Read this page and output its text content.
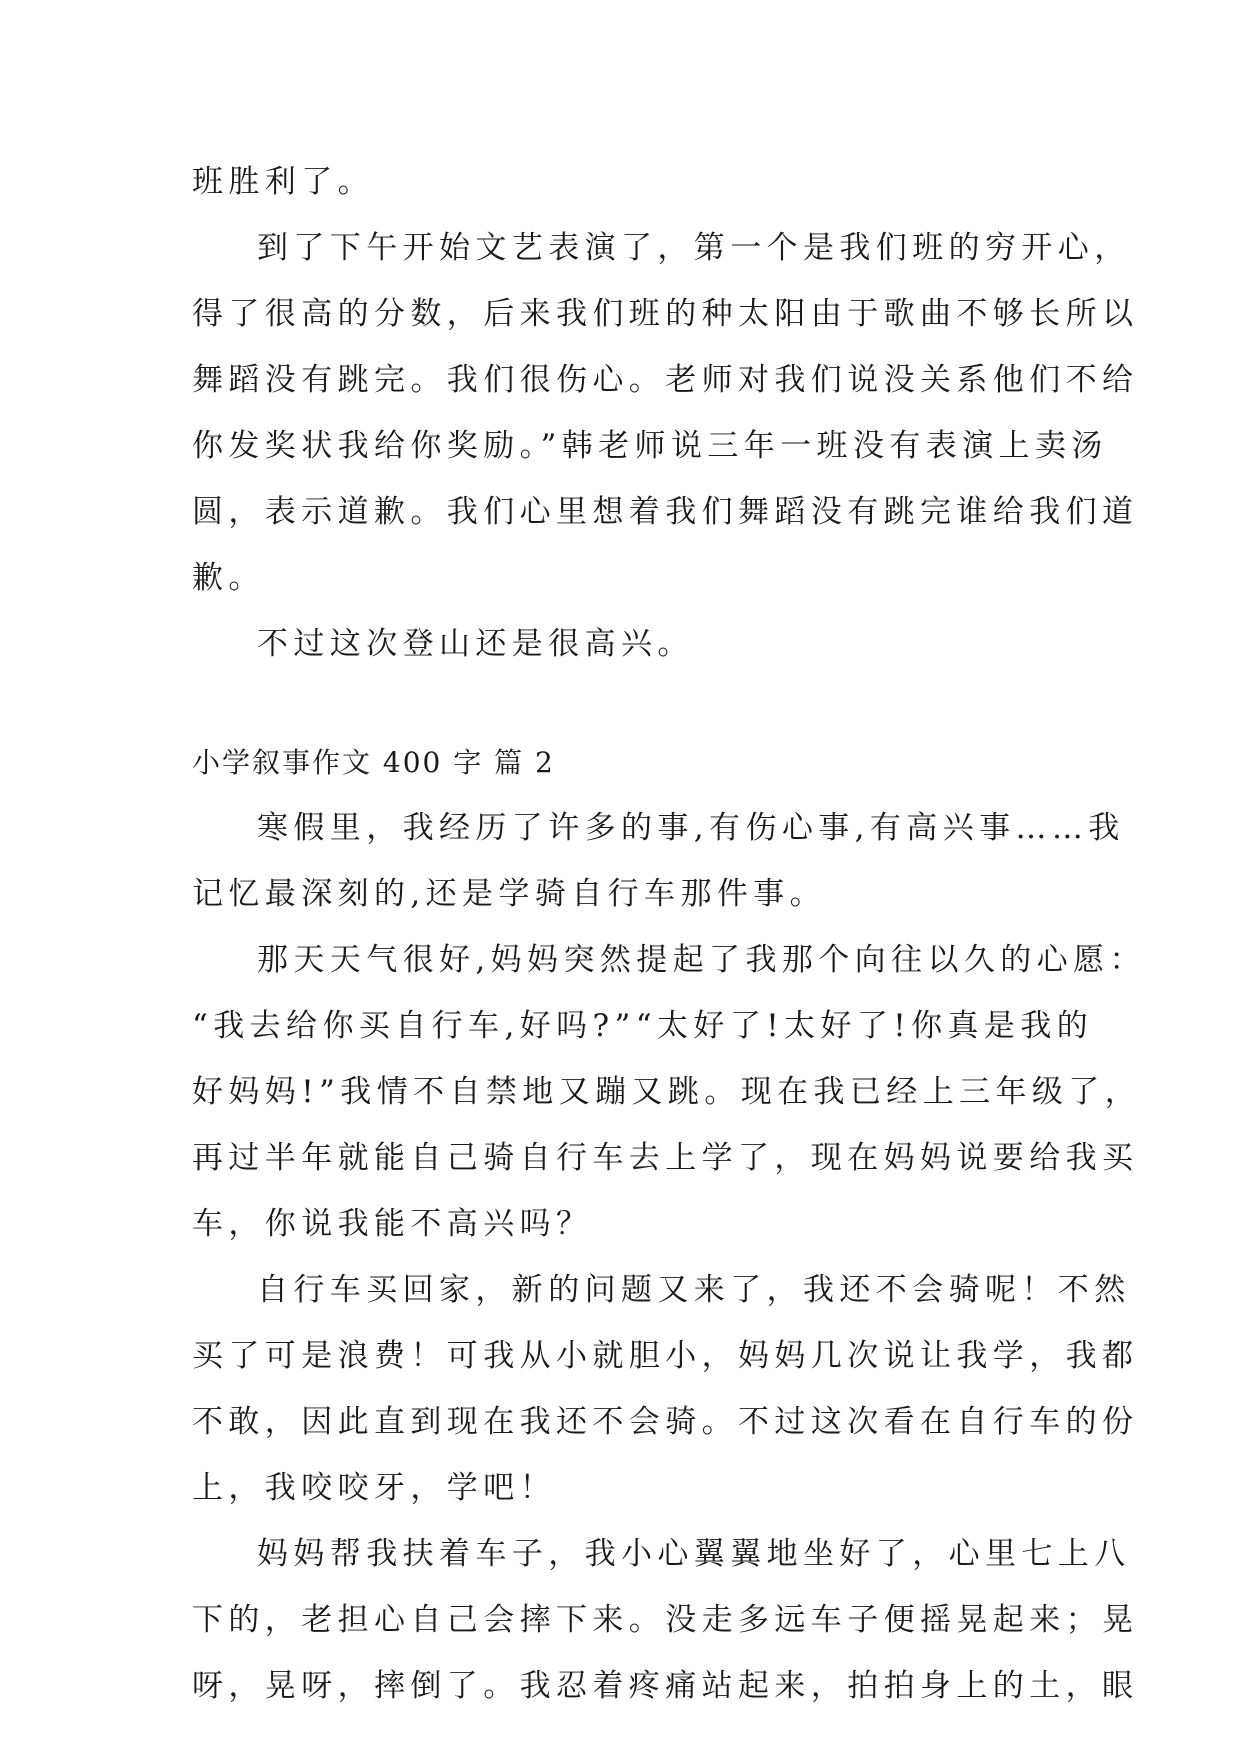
班胜利了。
到了下午开始文艺表演了，第一个是我们班的穷开心，
得了很高的分数，后来我们班的种太阳由于歌曲不够长所以
舞蹈没有跳完。我们很伤心。老师对我们说没关系他们不给
你发奖状我给你奖励。”韩老师说三年一班没有表演上卖汤
圆，表示道歉。我们心里想着我们舞蹈没有跳完谁给我们道
歉。
不过这次登山还是很高兴。
小学叙事作文 400 字 篇 2
寒假里，我经历了许多的事,有伤心事,有高兴事……我
记忆最深刻的,还是学骑自行车那件事。
那天天气很好,妈妈突然提起了我那个向往以久的心愿：
“我去给你买自行车,好吗?”“太好了!太好了!你真是我的
好妈妈!”我情不自禁地又蹦又跳。现在我已经上三年级了，
再过半年就能自己骑自行车去上学了，现在妈妈说要给我买
车，你说我能不高兴吗？
自行车买回家，新的问题又来了，我还不会骑呢！不然
买了可是浪费！可我从小就胆小，妈妈几次说让我学，我都
不敢，因此直到现在我还不会骑。不过这次看在自行车的份
上，我咬咬牙，学吧！
妈妈帮我扶着车子，我小心翼翼地坐好了，心里七上八
下的，老担心自己会摔下来。没走多远车子便摇晃起来；晃
呀，晃呀，摔倒了。我忍着疼痛站起来，拍拍身上的土，眼
